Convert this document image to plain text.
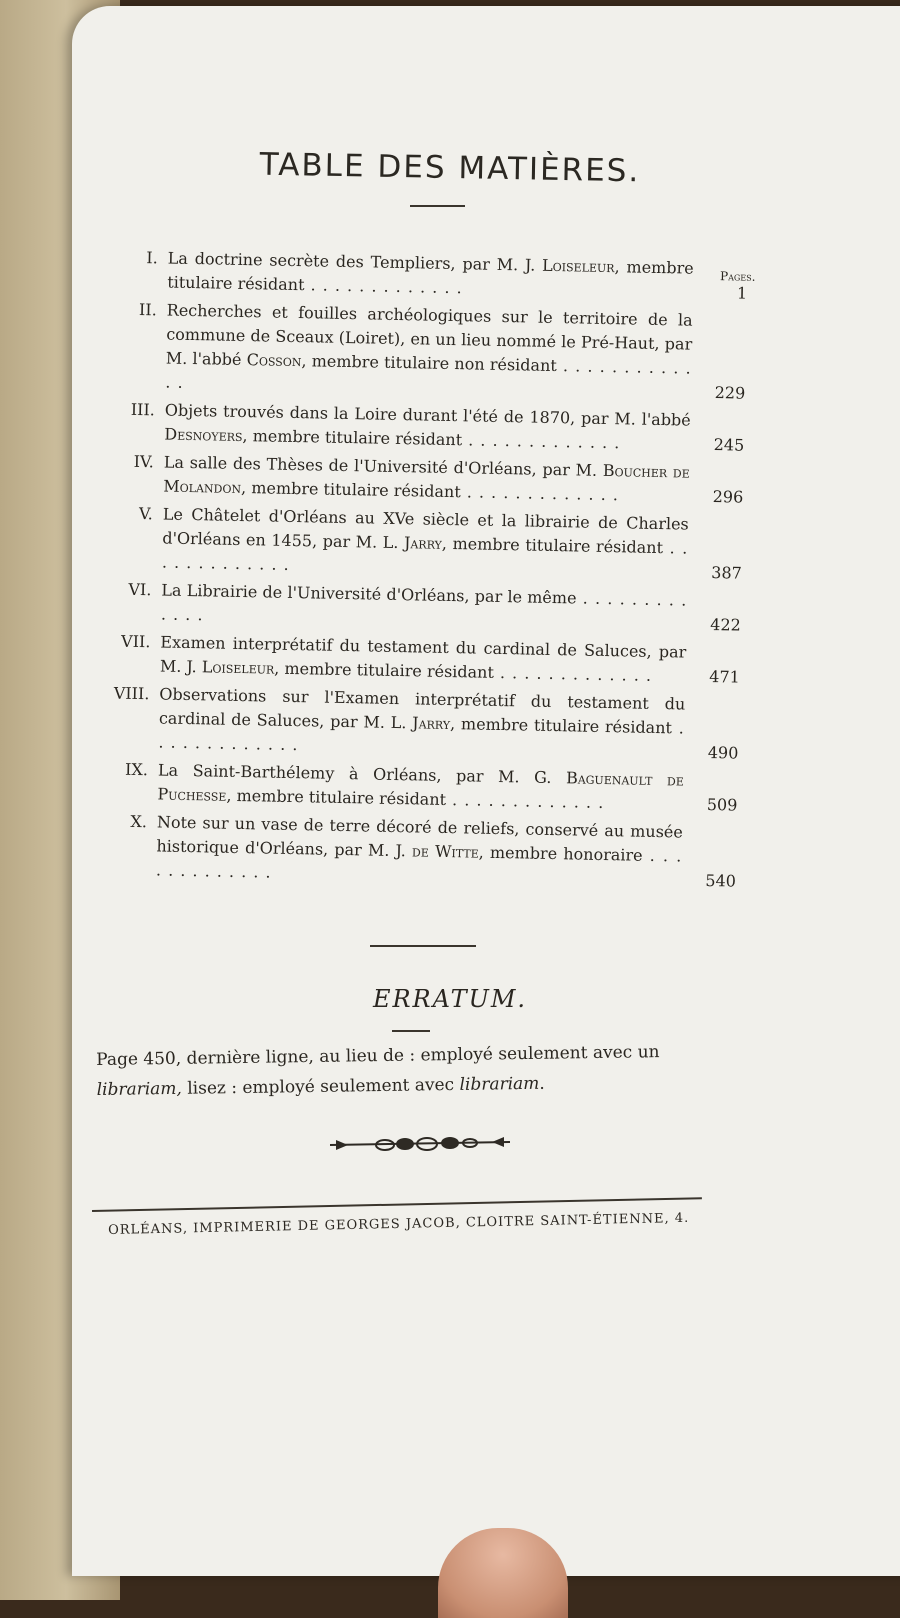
TABLE DES MATIÈRES.
Pages.
I. La doctrine secrète des Templiers, par M. J. Loiseleur, membre titulaire résidant . . . . . . . . . . . . .	1
II. Recherches et fouilles archéologiques sur le territoire de la commune de Sceaux (Loiret), en un lieu nommé le Pré-Haut, par M. l'abbé Cosson, membre titulaire non résidant . . . . . . . . . . . . .
229
III. Objets trouvés dans la Loire durant l'été de 1870, par M. l'abbé Desnoyers, membre titulaire résidant . . . . . . . . . . . . .	245
IV. La salle des Thèses de l'Université d'Orléans, par M. Boucher de Molandon, membre titulaire résidant . . . . . . . . . . . . .	296
V. Le Châtelet d'Orléans au XVe siècle et la librairie de Charles d'Orléans en 1455, par M. L. Jarry, membre titulaire résidant . . . . . . . . . . . . .	387
VI. La Librairie de l'Université d'Orléans, par le même . . . . . . . . . . . . .
422
VII. Examen interprétatif du testament du cardinal de Saluces, par M. J. Loiseleur, membre titulaire résidant . . . . . . . . . . . . .	471
VIII. Observations sur l'Examen interprétatif du testament du cardinal de Saluces, par M. L. Jarry, membre titulaire résidant . . . . . . . . . . . . .	490
IX. La Saint-Barthélemy à Orléans, par M. G. Baguenault de Puchesse, membre titulaire résidant . . . . . . . . . . . . .	509
X. Note sur un vase de terre décoré de reliefs, conservé au musée historique d'Orléans, par M. J. de Witte, membre honoraire . . . . . . . . . . . . .	540
ERRATUM.

Page 450, dernière ligne, au lieu de : employé seulement avec un librariam, lisez : employé seulement avec librariam.

ORLÉANS, IMPRIMERIE DE GEORGES JACOB, CLOITRE SAINT-ÉTIENNE, 4.
